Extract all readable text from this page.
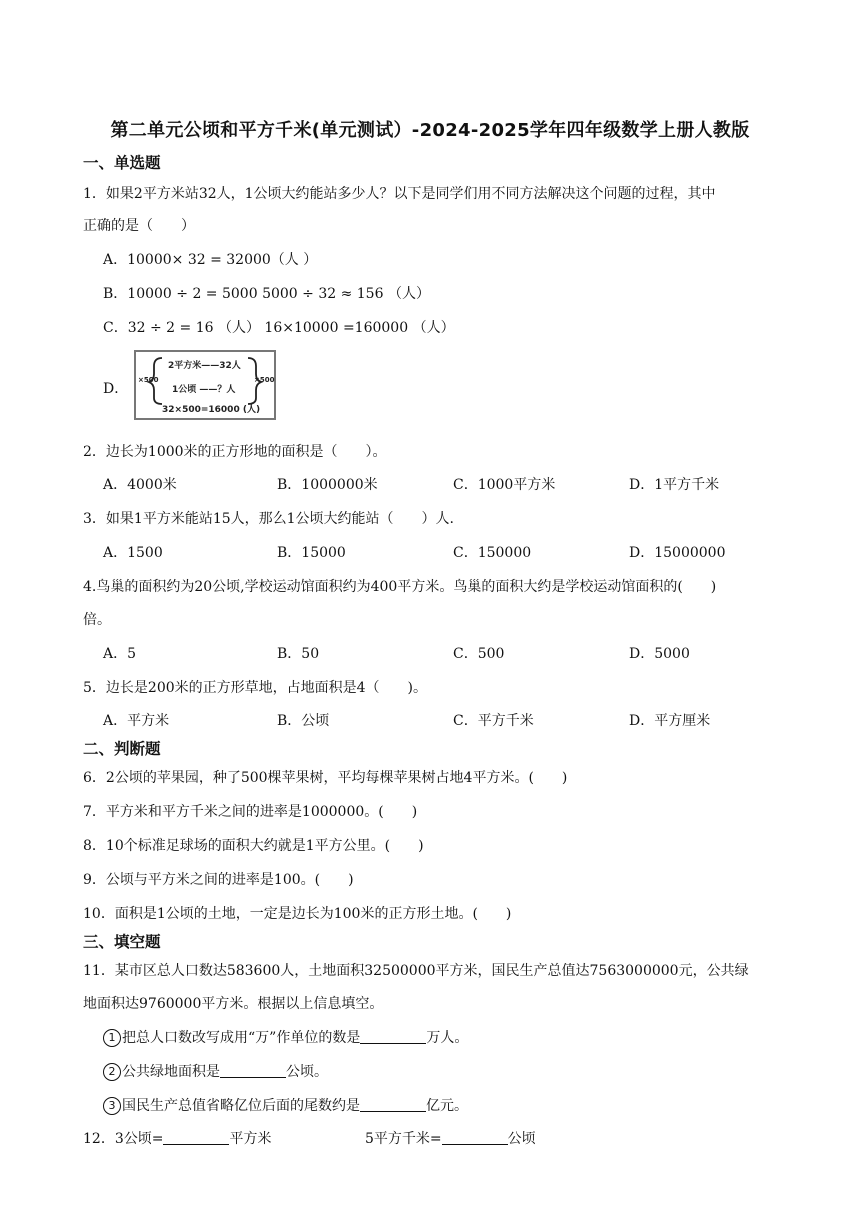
第二单元公顷和平方千米(单元测试）-2024-2025学年四年级数学上册人教版
一、单选题
1．如果2平方米站32人，1公顷大约能站多少人？以下是同学们用不同方法解决这个问题的过程，其中
正确的是（　　）
A．10000× 32 = 32000（人 ）
B．10000 ÷ 2 = 5000 5000 ÷ 32 ≈ 156 （人）
C．32 ÷ 2 = 16 （人） 16×10000 =160000 （人）
D．
×500	×500
2平方米——32人
1公顷 ——？人
32×500=16000 (人)
2．边长为1000米的正方形地的面积是（　　）。
A．4000米	B．1000000米	C．1000平方米	D．1平方千米
3．如果1平方米能站15人，那么1公顷大约能站（　　）人.
A．1500	B．15000	C．150000	D．15000000
4.鸟巢的面积约为20公顷,学校运动馆面积约为400平方米。鸟巢的面积大约是学校运动馆面积的(　　)
倍。
A．5	B．50	C．500	D．5000
5．边长是200米的正方形草地，占地面积是4（　　)。
A．平方米	B．公顷	C．平方千米	D．平方厘米
二、判断题
6．2公顷的苹果园，种了500棵苹果树，平均每棵苹果树占地4平方米。(　　)
7．平方米和平方千米之间的进率是1000000。(　　)
8．10个标准足球场的面积大约就是1平方公里。(　　)
9．公顷与平方米之间的进率是100。(　　)
10．面积是1公顷的土地，一定是边长为100米的正方形土地。(　　)
三、填空题
11．某市区总人口数达583600人，土地面积32500000平方米，国民生产总值达7563000000元，公共绿
地面积达9760000平方米。根据以上信息填空。
1 把总人口数改写成用“万”作单位的数是	万人。
2 公共绿地面积是	公顷。
3 国民生产总值省略亿位后面的尾数约是	亿元。
12．3公顷=	平方米	5平方千米=	公顷
